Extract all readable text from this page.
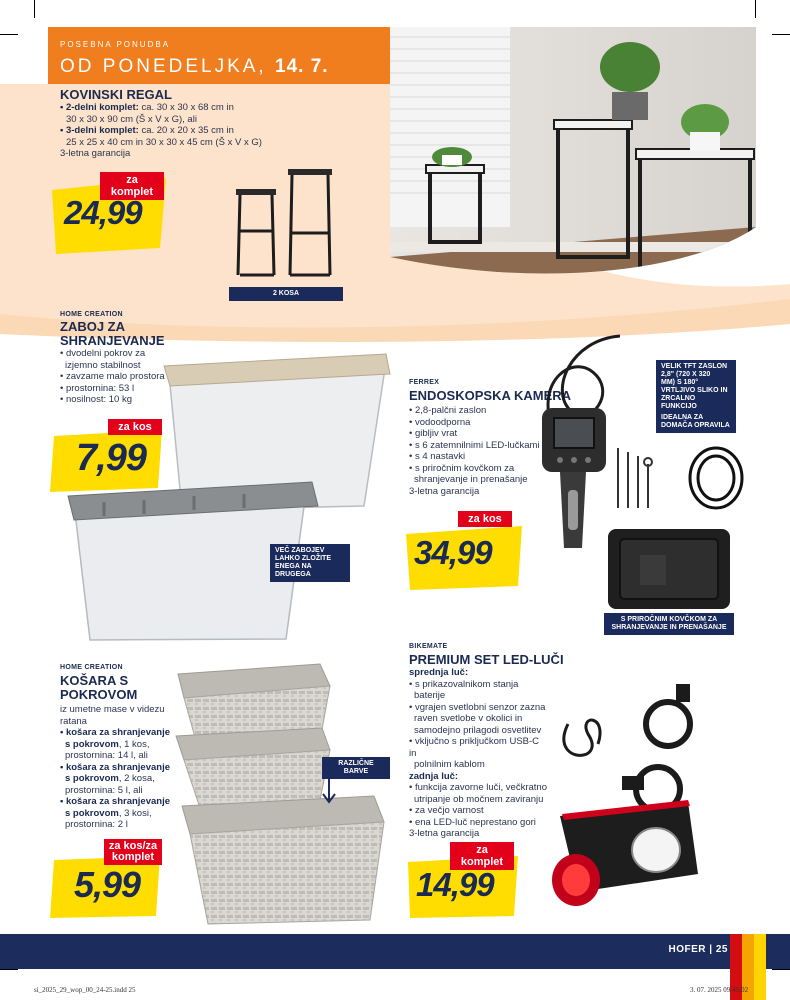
2 KOSA
POSEBNA PONUDBA
OD PONEDELJKA, 14. 7.
KOVINSKI REGAL
• 2-delni komplet: ca. 30 x 30 x 68 cm in
30 x 30 x 90 cm (Š x V x G), ali
• 3-delni komplet: ca. 20 x 20 x 35 cm in
25 x 25 x 40 cm in 30 x 30 x 45 cm (Š x V x G)
3-letna garancija
za komplet
24,99
HOME CREATION
ZABOJ ZA
SHRANJEVANJE
• dvodelni pokrov za
izjemno stabilnost
• zavzame malo prostora
• prostornina: 53 l
• nosilnost: 10 kg
za kos
7,99
VEČ ZABOJEV
LAHKO ZLOŽITE
ENEGA NA DRUGEGA
FERREX
ENDOSKOPSKA KAMERA
• 2,8-palčni zaslon
• vodoodporna
• gibljiv vrat
• s 6 zatemnilnimi LED-lučkami
• s 4 nastavki
• s priročnim kovčkom za
shranjevanje in prenašanje
3-letna garancija
VELIK TFT ZASLON
2,8" (720 X 320
MM) S 180°
VRTLJIVO SLIKO IN
ZRCALNO FUNKCIJO
IDEALNA ZA
DOMAČA OPRAVILA
S PRIROČNIM KOVČKOM ZA
SHRANJEVANJE IN PRENAŠANJE
za kos
34,99
HOME CREATION
KOŠARA S
POKROVOM
iz umetne mase v videzu
ratana
• košara za shranjevanje
s pokrovom, 1 kos,
prostornina: 14 l, ali
• košara za shranjevanje
s pokrovom, 2 kosa,
prostornina: 5 l, ali
• košara za shranjevanje
s pokrovom, 3 kosi,
prostornina: 2 l
RAZLIČNE BARVE
za kos/za
komplet
5,99
BIKEMATE
PREMIUM SET LED-LUČI
sprednja luč:
• s prikazovalnikom stanja
baterije
• vgrajen svetlobni senzor zazna
raven svetlobe v okolici in
samodejno prilagodi osvetlitev
• vključno s priključkom USB-C in
polnilnim kablom
zadnja luč:
• funkcija zavorne luči, večkratno
utripanje ob močnem zaviranju
• za večjo varnost
• ena LED-luč neprestano gori
3-letna garancija
za komplet
14,99
HOFER | 25
si_2025_29_wop_00_24-25.indd 25	3. 07. 2025 09:45:02
